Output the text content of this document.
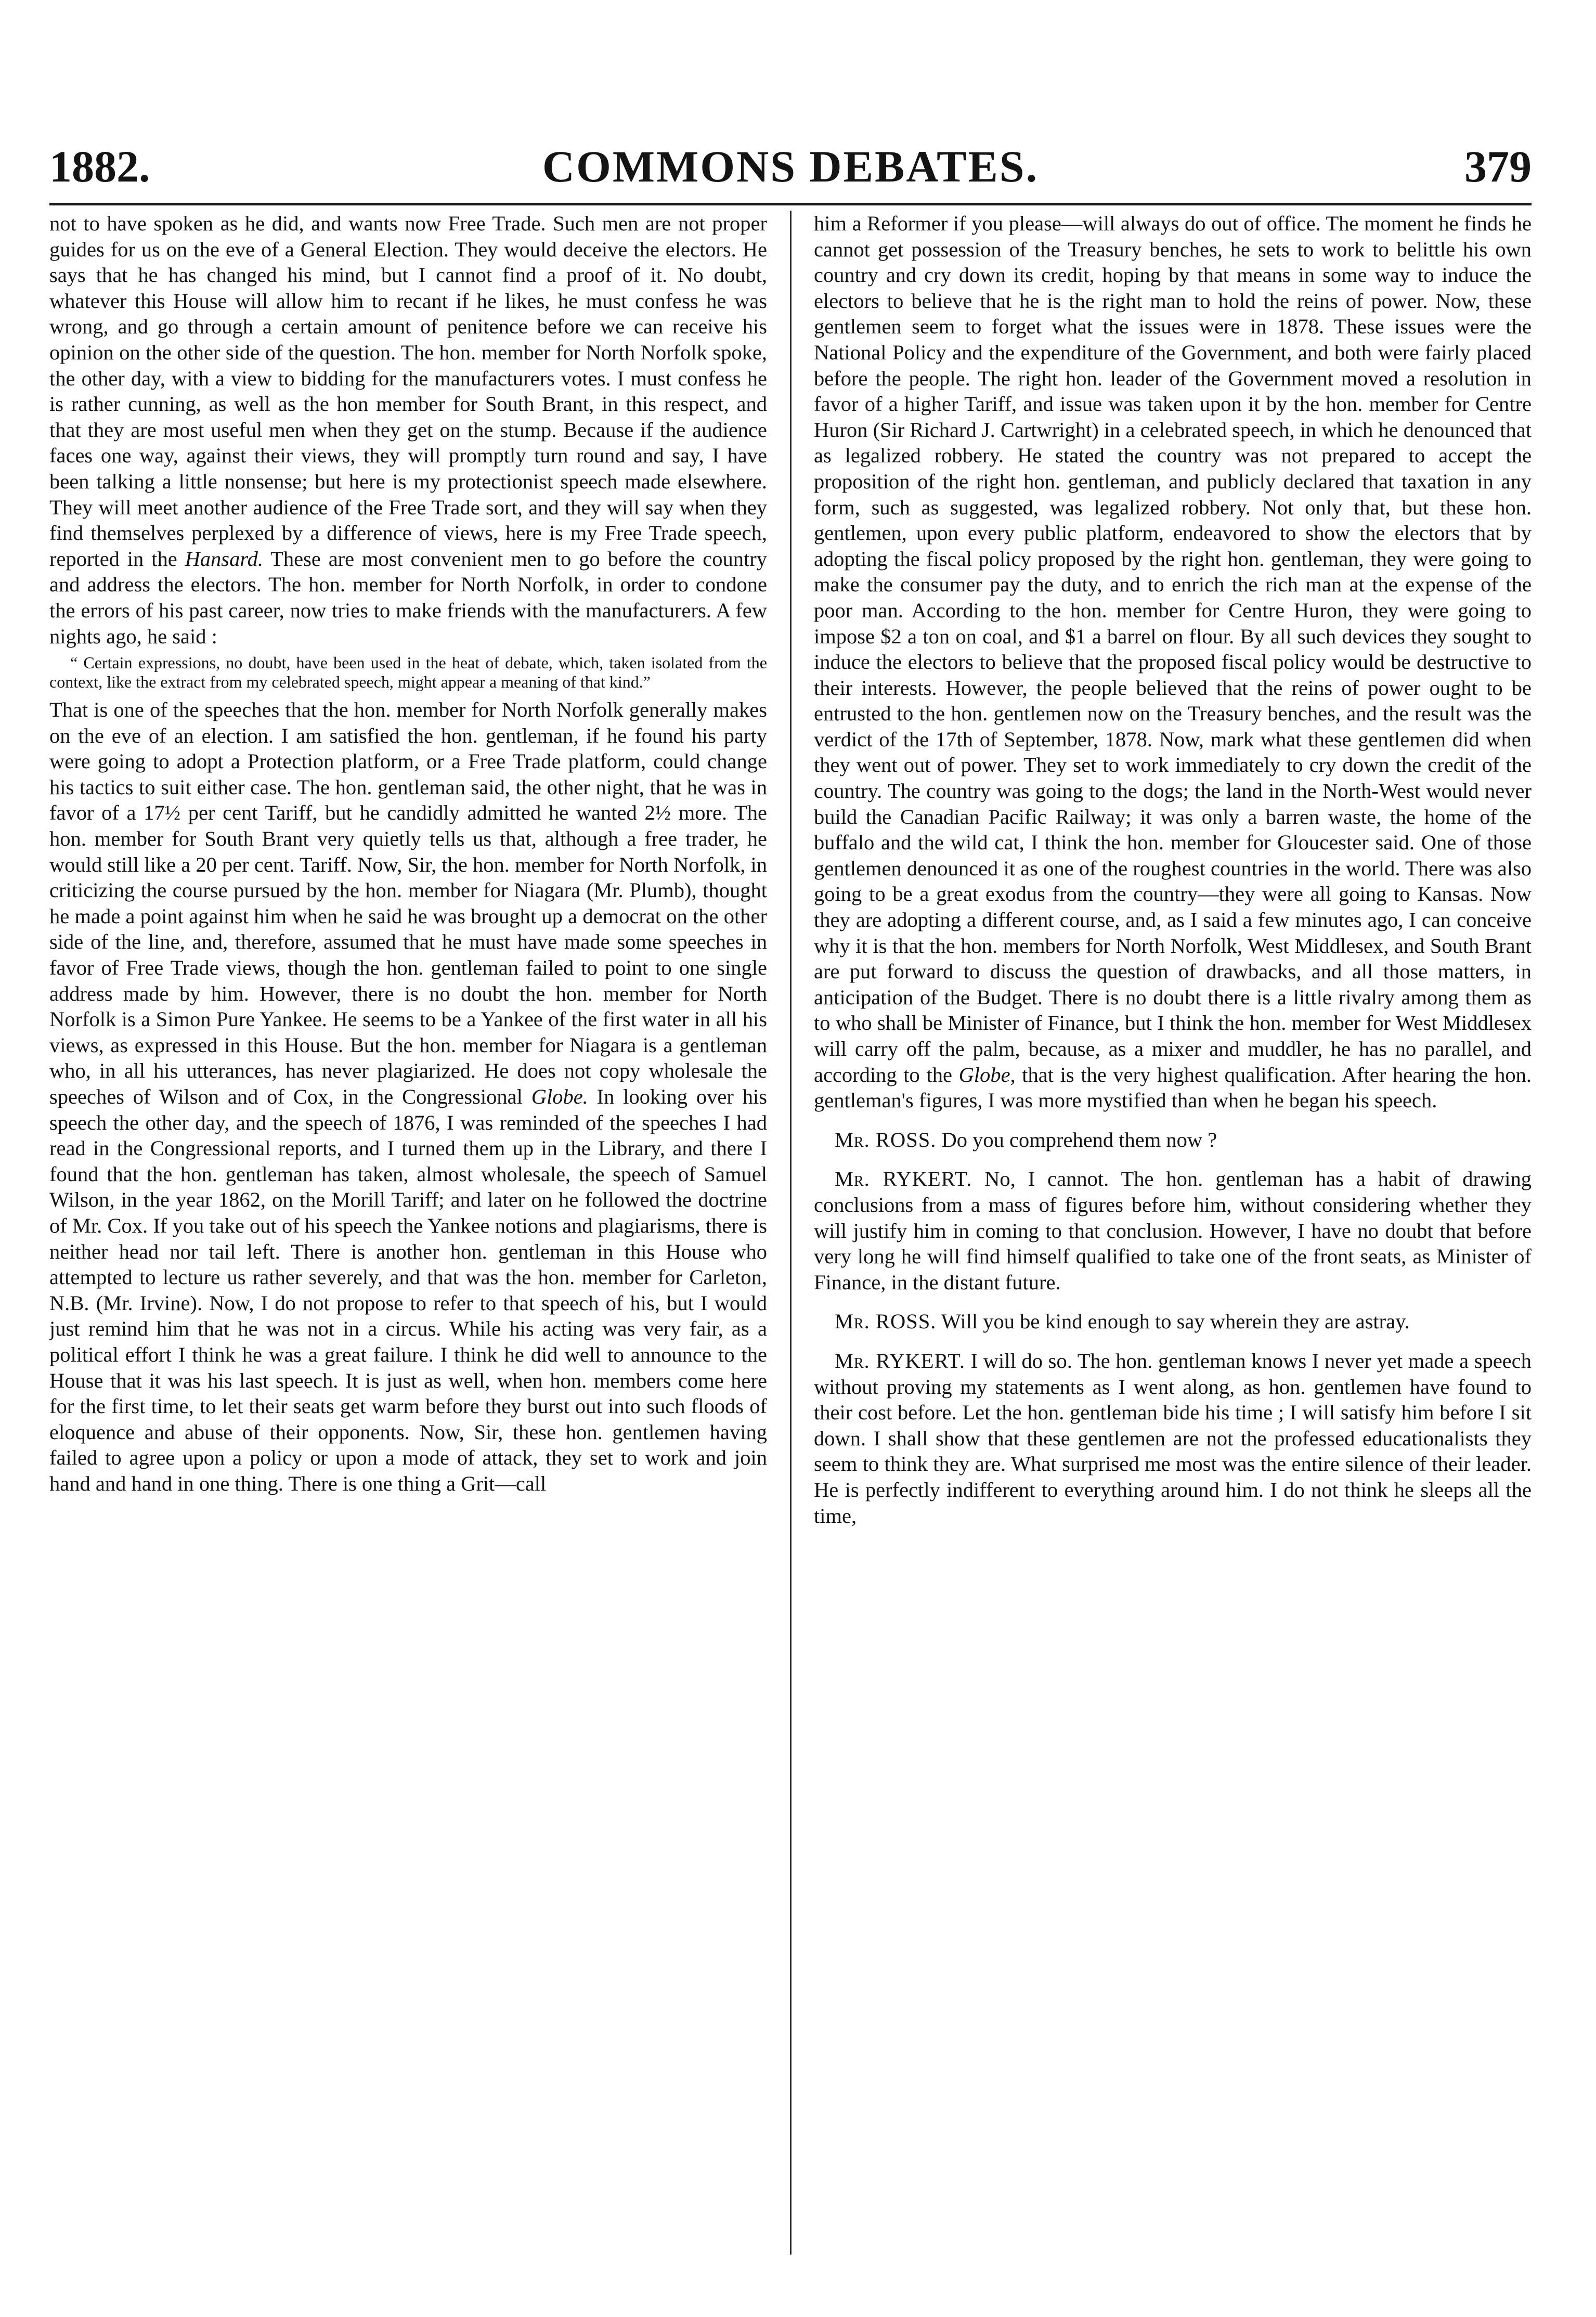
1882.	COMMONS DEBATES.	379

not to have spoken as he did, and wants now Free Trade. Such men are not proper guides for us on the eve of a General Election. They would deceive the electors. He says that he has changed his mind, but I cannot find a proof of it. No doubt, whatever this House will allow him to recant if he likes, he must confess he was wrong, and go through a certain amount of penitence before we can receive his opinion on the other side of the question. The hon. member for North Norfolk spoke, the other day, with a view to bidding for the manufacturers votes. I must confess he is rather cunning, as well as the hon member for South Brant, in this respect, and that they are most useful men when they get on the stump. Because if the audience faces one way, against their views, they will promptly turn round and say, I have been talking a little nonsense; but here is my protectionist speech made elsewhere. They will meet another audience of the Free Trade sort, and they will say when they find themselves perplexed by a difference of views, here is my Free Trade speech, reported in the Hansard. These are most convenient men to go before the country and address the electors. The hon. member for North Norfolk, in order to condone the errors of his past career, now tries to make friends with the manufacturers. A few nights ago, he said :

“ Certain expressions, no doubt, have been used in the heat of debate, which, taken isolated from the context, like the extract from my celebrated speech, might appear a meaning of that kind.”

That is one of the speeches that the hon. member for North Norfolk generally makes on the eve of an election. I am satisfied the hon. gentleman, if he found his party were going to adopt a Protection platform, or a Free Trade platform, could change his tactics to suit either case. The hon. gentleman said, the other night, that he was in favor of a 17½ per cent Tariff, but he candidly admitted he wanted 2½ more. The hon. member for South Brant very quietly tells us that, although a free trader, he would still like a 20 per cent. Tariff. Now, Sir, the hon. member for North Norfolk, in criticizing the course pursued by the hon. member for Niagara (Mr. Plumb), thought he made a point against him when he said he was brought up a democrat on the other side of the line, and, therefore, assumed that he must have made some speeches in favor of Free Trade views, though the hon. gentleman failed to point to one single address made by him. However, there is no doubt the hon. member for North Norfolk is a Simon Pure Yankee. He seems to be a Yankee of the first water in all his views, as expressed in this House. But the hon. member for Niagara is a gentleman who, in all his utterances, has never plagiarized. He does not copy wholesale the speeches of Wilson and of Cox, in the Congressional Globe. In looking over his speech the other day, and the speech of 1876, I was reminded of the speeches I had read in the Congressional reports, and I turned them up in the Library, and there I found that the hon. gentleman has taken, almost wholesale, the speech of Samuel Wilson, in the year 1862, on the Morill Tariff; and later on he followed the doctrine of Mr. Cox. If you take out of his speech the Yankee notions and plagiarisms, there is neither head nor tail left. There is another hon. gentleman in this House who attempted to lecture us rather severely, and that was the hon. member for Carleton, N.B. (Mr. Irvine). Now, I do not propose to refer to that speech of his, but I would just remind him that he was not in a circus. While his acting was very fair, as a political effort I think he was a great failure. I think he did well to announce to the House that it was his last speech. It is just as well, when hon. members come here for the first time, to let their seats get warm before they burst out into such floods of eloquence and abuse of their opponents. Now, Sir, these hon. gentlemen having failed to agree upon a policy or upon a mode of attack, they set to work and join hand and hand in one thing. There is one thing a Grit—call

him a Reformer if you please—will always do out of office. The moment he finds he cannot get possession of the Treasury benches, he sets to work to belittle his own country and cry down its credit, hoping by that means in some way to induce the electors to believe that he is the right man to hold the reins of power. Now, these gentlemen seem to forget what the issues were in 1878. These issues were the National Policy and the expenditure of the Government, and both were fairly placed before the people. The right hon. leader of the Government moved a resolution in favor of a higher Tariff, and issue was taken upon it by the hon. member for Centre Huron (Sir Richard J. Cartwright) in a celebrated speech, in which he denounced that as legalized robbery. He stated the country was not prepared to accept the proposition of the right hon. gentleman, and publicly declared that taxation in any form, such as suggested, was legalized robbery. Not only that, but these hon. gentlemen, upon every public platform, endeavored to show the electors that by adopting the fiscal policy proposed by the right hon. gentleman, they were going to make the consumer pay the duty, and to enrich the rich man at the expense of the poor man. According to the hon. member for Centre Huron, they were going to impose $2 a ton on coal, and $1 a barrel on flour. By all such devices they sought to induce the electors to believe that the proposed fiscal policy would be destructive to their interests. However, the people believed that the reins of power ought to be entrusted to the hon. gentlemen now on the Treasury benches, and the result was the verdict of the 17th of September, 1878. Now, mark what these gentlemen did when they went out of power. They set to work immediately to cry down the credit of the country. The country was going to the dogs; the land in the North-West would never build the Canadian Pacific Railway; it was only a barren waste, the home of the buffalo and the wild cat, I think the hon. member for Gloucester said. One of those gentlemen denounced it as one of the roughest countries in the world. There was also going to be a great exodus from the country—they were all going to Kansas. Now they are adopting a different course, and, as I said a few minutes ago, I can conceive why it is that the hon. members for North Norfolk, West Middlesex, and South Brant are put forward to discuss the question of drawbacks, and all those matters, in anticipation of the Budget. There is no doubt there is a little rivalry among them as to who shall be Minister of Finance, but I think the hon. member for West Middlesex will carry off the palm, because, as a mixer and muddler, he has no parallel, and according to the Globe, that is the very highest qualification. After hearing the hon. gentleman's figures, I was more mystified than when he began his speech.

Mr. ROSS. Do you comprehend them now ?

Mr. RYKERT. No, I cannot. The hon. gentleman has a habit of drawing conclusions from a mass of figures before him, without considering whether they will justify him in coming to that conclusion. However, I have no doubt that before very long he will find himself qualified to take one of the front seats, as Minister of Finance, in the distant future.

Mr. ROSS. Will you be kind enough to say wherein they are astray.

Mr. RYKERT. I will do so. The hon. gentleman knows I never yet made a speech without proving my statements as I went along, as hon. gentlemen have found to their cost before. Let the hon. gentleman bide his time ; I will satisfy him before I sit down. I shall show that these gentlemen are not the professed educationalists they seem to think they are. What surprised me most was the entire silence of their leader. He is perfectly indifferent to everything around him. I do not think he sleeps all the time,
